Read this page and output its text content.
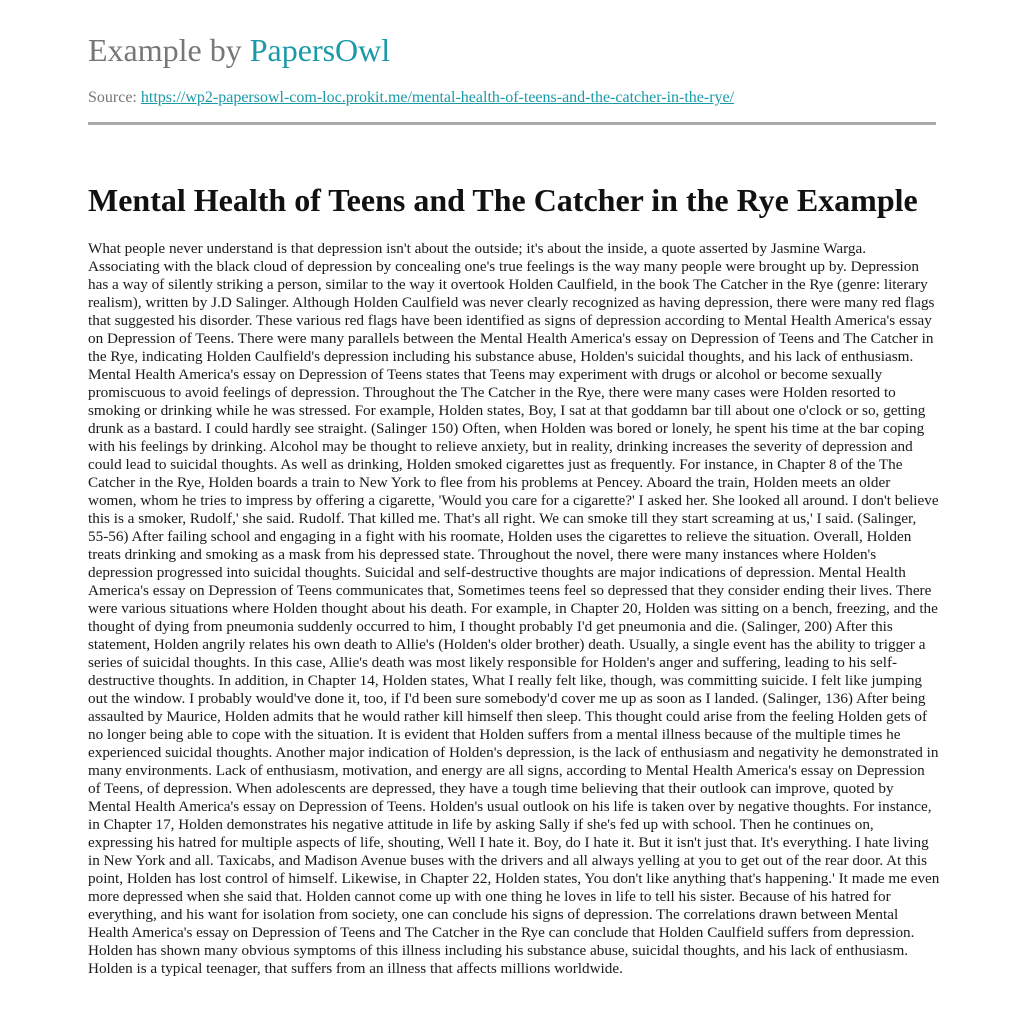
Example by PapersOwl
Source: https://wp2-papersowl-com-loc.prokit.me/mental-health-of-teens-and-the-catcher-in-the-rye/
Mental Health of Teens and The Catcher in the Rye Example

What people never understand is that depression isn't about the outside; it's about the inside, a quote asserted by Jasmine Warga. Associating with the black cloud of depression by concealing one's true feelings is the way many people were brought up by. Depression has a way of silently striking a person, similar to the way it overtook Holden Caulfield, in the book The Catcher in the Rye (genre: literary realism), written by J.D Salinger. Although Holden Caulfield was never clearly recognized as having depression, there were many red flags that suggested his disorder. These various red flags have been identified as signs of depression according to Mental Health America's essay on Depression of Teens. There were many parallels between the Mental Health America's essay on Depression of Teens and The Catcher in the Rye, indicating Holden Caulfield's depression including his substance abuse, Holden's suicidal thoughts, and his lack of enthusiasm. Mental Health America's essay on Depression of Teens states that Teens may experiment with drugs or alcohol or become sexually promiscuous to avoid feelings of depression. Throughout the The Catcher in the Rye, there were many cases were Holden resorted to smoking or drinking while he was stressed. For example, Holden states, Boy, I sat at that goddamn bar till about one o'clock or so, getting drunk as a bastard. I could hardly see straight. (Salinger 150) Often, when Holden was bored or lonely, he spent his time at the bar coping with his feelings by drinking. Alcohol may be thought to relieve anxiety, but in reality, drinking increases the severity of depression and could lead to suicidal thoughts. As well as drinking, Holden smoked cigarettes just as frequently. For instance, in Chapter 8 of the The Catcher in the Rye, Holden boards a train to New York to flee from his problems at Pencey. Aboard the train, Holden meets an older women, whom he tries to impress by offering a cigarette, 'Would you care for a cigarette?' I asked her. She looked all around. I don't believe this is a smoker, Rudolf,' she said. Rudolf. That killed me. That's all right. We can smoke till they start screaming at us,' I said. (Salinger, 55-56) After failing school and engaging in a fight with his roomate, Holden uses the cigarettes to relieve the situation. Overall, Holden treats drinking and smoking as a mask from his depressed state. Throughout the novel, there were many instances where Holden's depression progressed into suicidal thoughts. Suicidal and self-destructive thoughts are major indications of depression. Mental Health America's essay on Depression of Teens communicates that, Sometimes teens feel so depressed that they consider ending their lives. There were various situations where Holden thought about his death. For example, in Chapter 20, Holden was sitting on a bench, freezing, and the thought of dying from pneumonia suddenly occurred to him, I thought probably I'd get pneumonia and die. (Salinger, 200) After this statement, Holden angrily relates his own death to Allie's (Holden's older brother) death. Usually, a single event has the ability to trigger a series of suicidal thoughts. In this case, Allie's death was most likely responsible for Holden's anger and suffering, leading to his self-destructive thoughts. In addition, in Chapter 14, Holden states, What I really felt like, though, was committing suicide. I felt like jumping out the window. I probably would've done it, too, if I'd been sure somebody'd cover me up as soon as I landed. (Salinger, 136) After being assaulted by Maurice, Holden admits that he would rather kill himself then sleep. This thought could arise from the feeling Holden gets of no longer being able to cope with the situation. It is evident that Holden suffers from a mental illness because of the multiple times he experienced suicidal thoughts. Another major indication of Holden's depression, is the lack of enthusiasm and negativity he demonstrated in many environments. Lack of enthusiasm, motivation, and energy are all signs, according to Mental Health America's essay on Depression of Teens, of depression. When adolescents are depressed, they have a tough time believing that their outlook can improve, quoted by Mental Health America's essay on Depression of Teens. Holden's usual outlook on his life is taken over by negative thoughts. For instance, in Chapter 17, Holden demonstrates his negative attitude in life by asking Sally if she's fed up with school. Then he continues on, expressing his hatred for multiple aspects of life, shouting, Well I hate it. Boy, do I hate it. But it isn't just that. It's everything. I hate living in New York and all. Taxicabs, and Madison Avenue buses with the drivers and all always yelling at you to get out of the rear door. At this point, Holden has lost control of himself. Likewise, in Chapter 22, Holden states, You don't like anything that's happening.' It made me even more depressed when she said that. Holden cannot come up with one thing he loves in life to tell his sister. Because of his hatred for everything, and his want for isolation from society, one can conclude his signs of depression. The correlations drawn between Mental Health America's essay on Depression of Teens and The Catcher in the Rye can conclude that Holden Caulfield suffers from depression. Holden has shown many obvious symptoms of this illness including his substance abuse, suicidal thoughts, and his lack of enthusiasm. Holden is a typical teenager, that suffers from an illness that affects millions worldwide.
